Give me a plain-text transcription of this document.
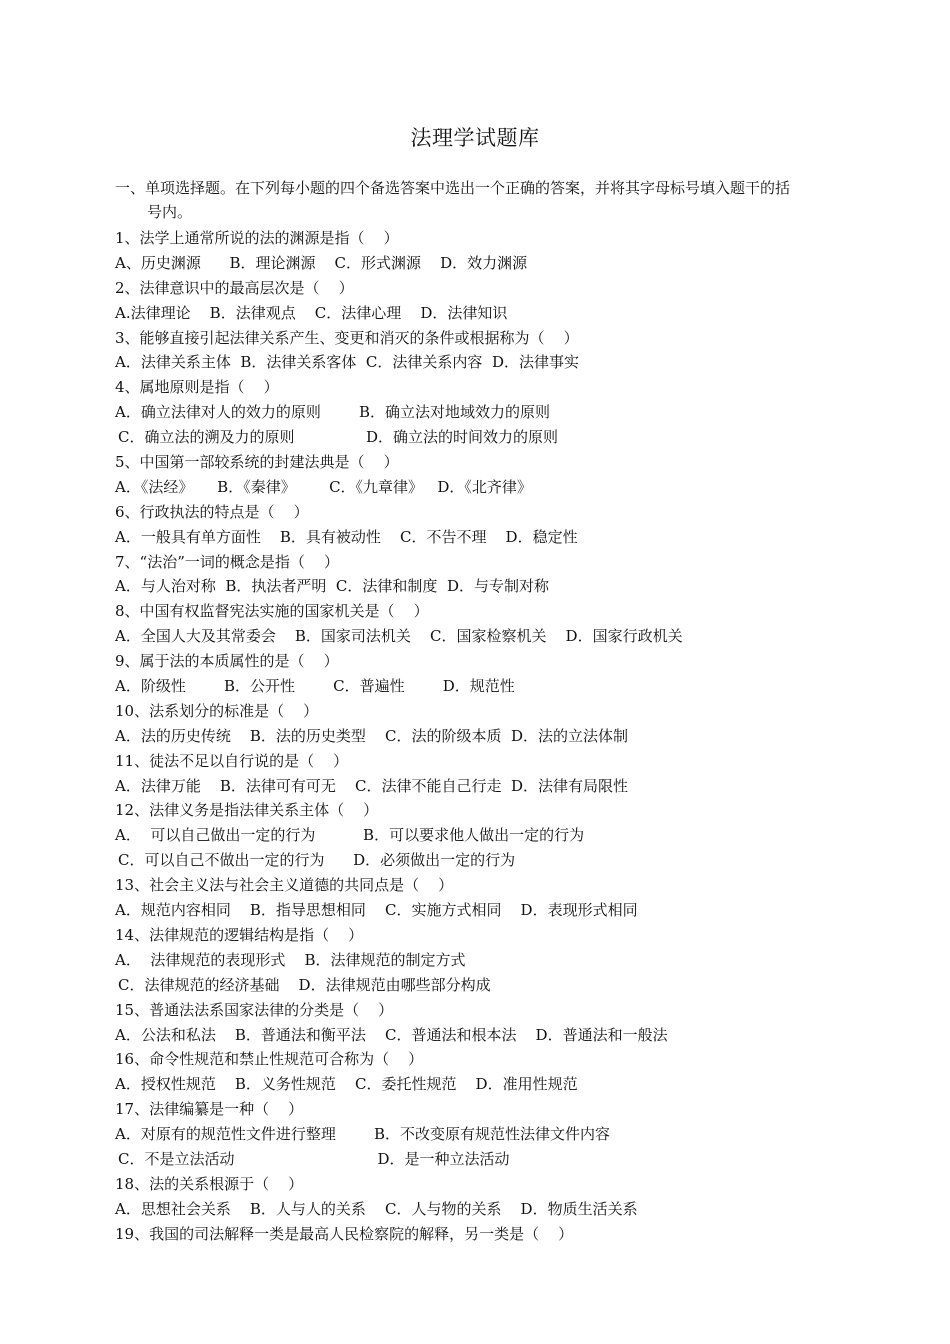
法理学试题库
一、单项选择题。在下列每小题的四个备选答案中选出一个正确的答案，并将其字母标号填入题干的括
号内。
1、法学上通常所说的法的渊源是指（    ）
A、历史渊源      B．理论渊源    C．形式渊源    D．效力渊源
2、法律意识中的最高层次是（    ）
A.法律理论    B．法律观点    C．法律心理    D．法律知识
3、能够直接引起法律关系产生、变更和消灭的条件或根据称为（    ）
A．法律关系主体  B．法律关系客体  C．法律关系内容  D．法律事实
4、属地原则是指（    ）
A．确立法律对人的效力的原则        B．确立法对地域效力的原则
C．确立法的溯及力的原则               D．确立法的时间效力的原则
5、中国第一部较系统的封建法典是（    ）
A．《法经》     B．《秦律》       C．《九章律》   D．《北齐律》
6、行政执法的特点是（    ）
A．一般具有单方面性    B．具有被动性    C．不告不理    D．稳定性
7、“法治”一词的概念是指（    ）
A．与人治对称  B．执法者严明  C．法律和制度  D．与专制对称
8、中国有权监督宪法实施的国家机关是（    ）
A．全国人大及其常委会    B．国家司法机关    C．国家检察机关    D．国家行政机关
9、属于法的本质属性的是（    ）
A．阶级性        B．公开性        C．普遍性        D．规范性
10、法系划分的标准是（    ）
A．法的历史传统    B．法的历史类型    C．法的阶级本质  D．法的立法体制
11、徒法不足以自行说的是（    ）
A．法律万能    B．法律可有可无    C．法律不能自己行走  D．法律有局限性
12、法律义务是指法律关系主体（    ）
A．  可以自己做出一定的行为          B．可以要求他人做出一定的行为
C．可以自己不做出一定的行为      D．必须做出一定的行为
13、社会主义法与社会主义道德的共同点是（    ）
A．规范内容相同    B．指导思想相同    C．实施方式相同    D．表现形式相同
14、法律规范的逻辑结构是指（    ）
A．  法律规范的表现形式    B．法律规范的制定方式
C．法律规范的经济基础    D．法律规范由哪些部分构成
15、普通法法系国家法律的分类是（    ）
A．公法和私法    B．普通法和衡平法    C．普通法和根本法    D．普通法和一般法
16、命令性规范和禁止性规范可合称为（    ）
A．授权性规范    B．义务性规范    C．委托性规范    D．准用性规范
17、法律编纂是一种（    ）
A．对原有的规范性文件进行整理        B．不改变原有规范性法律文件内容
C．不是立法活动                              D．是一种立法活动
18、法的关系根源于（    ）
A．思想社会关系    B．人与人的关系    C．人与物的关系    D．物质生活关系
19、我国的司法解释一类是最高人民检察院的解释，另一类是（    ）
